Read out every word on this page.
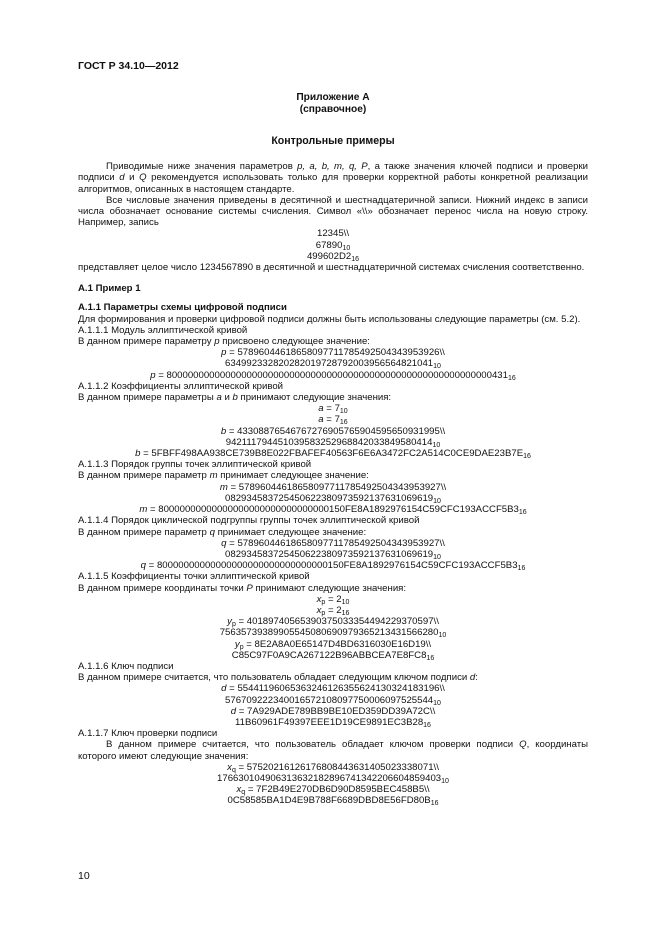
ГОСТ Р 34.10—2012
Приложение А
(справочное)
Контрольные примеры
Приводимые ниже значения параметров p, a, b, m, q, P, а также значения ключей подписи и проверки подписи d и Q рекомендуется использовать только для проверки корректной работы конкретной реализации алгоритмов, описанных в настоящем стандарте.
Все числовые значения приведены в десятичной и шестнадцатеричной записи. Нижний индекс в записи числа обозначает основание системы счисления. Символ «\\» обозначает перенос числа на новую строку. Например, запись
12345\\
$67890_{10}$
$499602D2_{16}$
представляет целое число 1234567890 в десятичной и шестнадцатеричной системах счисления соответственно.
А.1 Пример 1
А.1.1 Параметры схемы цифровой подписи
Для формирования и проверки цифровой подписи должны быть использованы следующие параметры (см. 5.2).
А.1.1.1 Модуль эллиптической кривой
В данном примере параметру p присвоено следующее значение:
p = 57896044618658097711785492504343953926\\
$634992332820282019728792003956564821041_{10}$
$p = 8000000000000000000000000000000000000000000000000000000000000431_{16}$
А.1.1.2 Коэффициенты эллиптической кривой
В данном примере параметры a и b принимают следующие значения:
$a = 7_{10}$
$a = 7_{16}$
b = 43308876546767276905765904595650931995\\
$942111794451039583252968842033849580414_{10}$
$b = 5FBFF498AA938CE739B8E022FBAFEF40563F6E6A3472FC2A514C0CE9DAE23B7E_{16}$
А.1.1.3 Порядок группы точек эллиптической кривой
В данном примере параметр m принимает следующее значение:
m = 57896044618658097711785492504343953927\\
$082934583725450622380973592137631069619_{10}$
$m = 80000000000000000000000000000000150FE8A1892976154C59CFC193ACCF5B3_{16}$
А.1.1.4 Порядок циклической подгруппы группы точек эллиптической кривой
В данном примере параметр q принимает следующее значение:
q = 57896044618658097711785492504343953927\\
$082934583725450622380973592137631069619_{10}$
$q = 80000000000000000000000000000000150FE8A1892976154C59CFC193ACCF5B3_{16}$
А.1.1.5 Коэффициенты точки эллиптической кривой
В данном примере координаты точки P принимают следующие значения:
$x_p = 2_{10}$
$x_p = 2_{16}$
$y_p$ = 40189740565390375033354494229370597\\
$75635739389905545080690979365213431566280_{10}$
$y_p$ = 8E2A8A0E65147D4BD6316030E16D19\\
$C85C97F0A9CA267122B96ABBCEA7E8FC8_{16}$
А.1.1.6 Ключ подписи
В данном примере считается, что пользователь обладает следующим ключом подписи d:
d = 55441196065363246126355624130324183196\\
$576709222340016572108097750006097525544_{10}$
d = 7A929ADE789BB9BE10ED359DD39A72C\\
$11B60961F49397EEE1D19CE9891EC3B28_{16}$
А.1.1.7 Ключ проверки подписи
В данном примере считается, что пользователь обладает ключом проверки подписи Q, координаты которого имеют следующие значения:
$x_q$ = 57520216126176808443631405023338071\\
$176630104906313632182896741342206604859403_{10}$
$x_q$ = 7F2B49E270DB6D90D8595BEC458B5\\
$0C58585BA1D4E9B788F6689DBD8E56FD80B_{16}$
10
